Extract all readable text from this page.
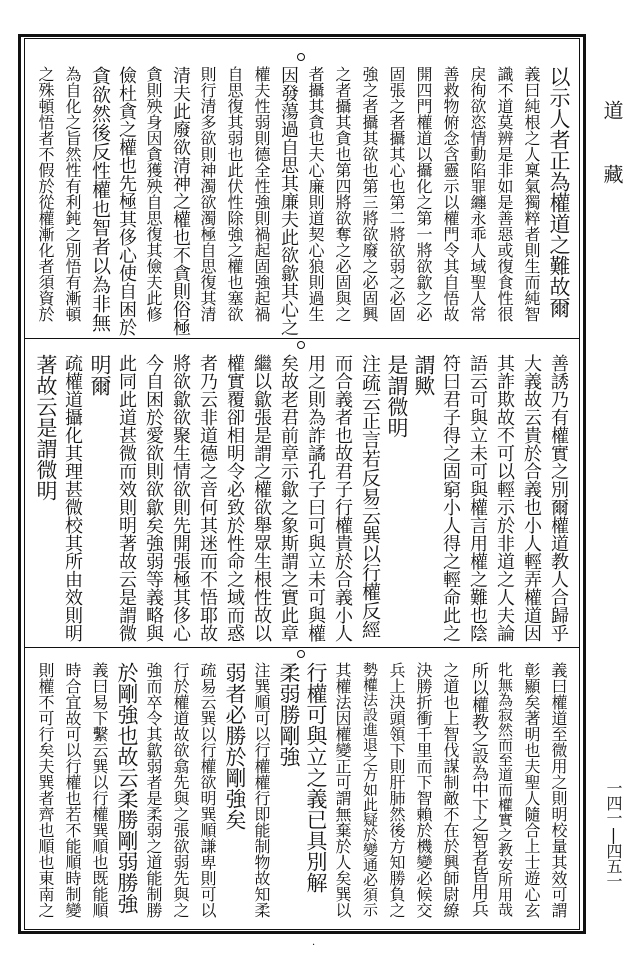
以示人者正為權道之難故爾
義曰純根之人稟氣獨粹者則生而純智
識不道莫辨是非如是善惡或復食性很
戾徇欲恣情動陷罪纏永乖人域聖人常
善救物俯念含靈示以權門令其自悟故
開四門權道以攝化之第一將欲歙之必
固張之者攝其心也第二將欲弱之必固
強之者攝其欲也第三將欲廢之必固興
之者攝其貪也第四將欲奪之必固與之
者攝其貪也夫心廉則道契心狼則過生
因發蕩過自思其廉夫此欲歙其心之
權夫性弱則德全性強則禍起固強起禍
自思復其弱也此伏性除強之權也塞欲
則行清多欲則神濁欲濁極自思復其清
清夫此廢欲清神之權也不貪則俗極
貪則殃身因貪獲殃自思復其儉夫此修
儉杜貪之權也先極其侈心使自困於
貪欲然後反性權也智者以為非無
為自化之旨然性有利鈍之別悟有漸頓
之殊頓悟者不假於從權漸化者須資於
善誘乃有權實之別爾權道教人合歸乎
大義故云貴於合義也小人輕弄權道因
其詐欺故不可以輕示於非道之人夫論
語云可與立未可與權言用權之難也陰
符曰君子得之固窮小人得之輕命此之
謂歟
是謂微明
注疏云正言若反易云巽以行權反經
而合義者也故君子行權貴於合義小人
用之則為詐譎孔子曰可與立未可與權
矣故老君前章示歙之象斯謂之實此章
繼以歙張是謂之權欲舉眾生根性故以
權實覆卻相明令必致於性命之域而惑
者乃云非道德之音何其迷而不悟耶故
將欲歙欲聚生情欲則先開張極其侈心
今自困於愛欲則欲歙矣強弱等義略與
此同此道甚微而效則明著故云是謂微
明爾
疏權道攝化其理甚微校其所由效則明
著故云是謂微明
義曰權道至微用之則明校量其效可謂
彰顯矣著明也夫聖人隨合上士遊心玄
牝無為寂然而至道而權實之教安所用哉
所以權教之設為中下之智者皆用兵
之道也上智伐謀制敵不在於興師尉繚
決勝折衝千里而下智賴於機變必候交
兵上決頭領下則肝肺然後方知勝負之
勢權法設進退之方如此疑於變通必須示
其權法因權變正可謂無棄於人矣巽以
行權可與立之義已具別解
柔弱勝剛強
注巽順可以行權權行即能制物故知柔
弱者必勝於剛強矣
疏易云巽以行權欲明巽順謙卑則可以
行於權道故欲翕先與之張欲弱先與之
強而卒令其歙弱者是柔弱之道能制勝
於剛強也故云柔勝剛弱勝強
義曰易下繫云巽以行權巽順也既能順
時合宜故可以行權也若不能順時制變
則權不可行矣夫巽者齊也順也東南之
道藏
一四一|四五一
·
